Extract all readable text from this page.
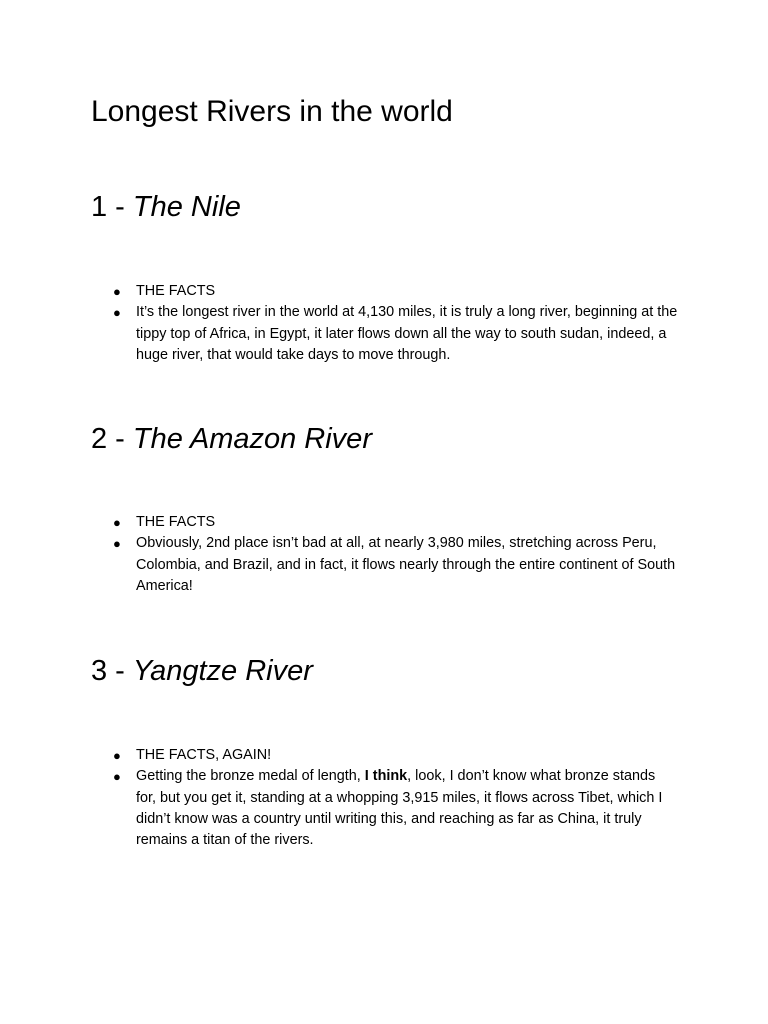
Longest Rivers in the world
1 - The Nile
● THE FACTS
● It’s the longest river in the world at 4,130 miles, it is truly a long river, beginning at the tippy top of Africa, in Egypt, it later flows down all the way to south sudan, indeed, a huge river, that would take days to move through.
2 - The Amazon River
● THE FACTS
● Obviously, 2nd place isn’t bad at all, at nearly 3,980 miles, stretching across Peru, Colombia, and Brazil, and in fact, it flows nearly through the entire continent of South America!
3 - Yangtze River
● THE FACTS, AGAIN!
● Getting the bronze medal of length, I think, look, I don’t know what bronze stands for, but you get it, standing at a whopping 3,915 miles, it flows across Tibet, which I didn’t know was a country until writing this, and reaching as far as China, it truly remains a titan of the rivers.
